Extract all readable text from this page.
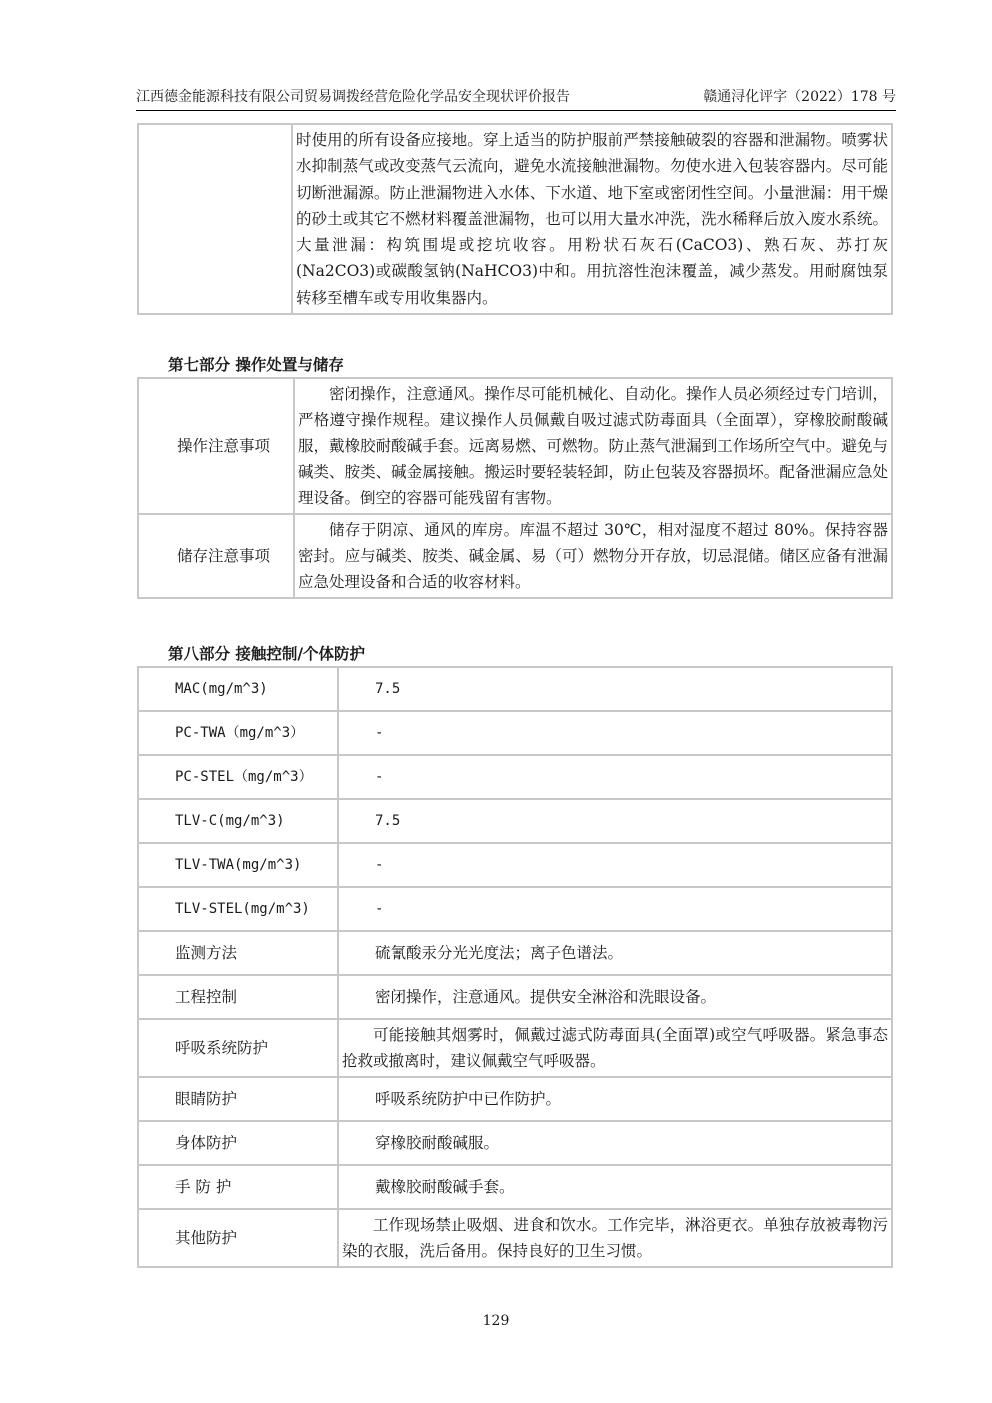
江西德金能源科技有限公司贸易调拨经营危险化学品安全现状评价报告	赣通浔化评字（2022）178 号
	时使用的所有设备应接地。穿上适当的防护服前严禁接触破裂的容器和泄漏物。喷雾状水抑制蒸气或改变蒸气云流向，避免水流接触泄漏物。勿使水进入包装容器内。尽可能切断泄漏源。防止泄漏物进入水体、下水道、地下室或密闭性空间。小量泄漏：用干燥的砂土或其它不燃材料覆盖泄漏物，也可以用大量水冲洗，洗水稀释后放入废水系统。大量泄漏：构筑围堤或挖坑收容。用粉状石灰石(CaCO3)、熟石灰、苏打灰(Na2CO3)或碳酸氢钠(NaHCO3)中和。用抗溶性泡沫覆盖，减少蒸发。用耐腐蚀泵转移至槽车或专用收集器内。
第七部分 操作处置与储存
操作注意事项	密闭操作，注意通风。操作尽可能机械化、自动化。操作人员必须经过专门培训，严格遵守操作规程。建议操作人员佩戴自吸过滤式防毒面具（全面罩），穿橡胶耐酸碱服，戴橡胶耐酸碱手套。远离易燃、可燃物。防止蒸气泄漏到工作场所空气中。避免与碱类、胺类、碱金属接触。搬运时要轻装轻卸，防止包装及容器损坏。配备泄漏应急处理设备。倒空的容器可能残留有害物。
储存注意事项	储存于阴凉、通风的库房。库温不超过 30℃，相对湿度不超过 80%。保持容器密封。应与碱类、胺类、碱金属、易（可）燃物分开存放，切忌混储。储区应备有泄漏应急处理设备和合适的收容材料。
第八部分 接触控制/个体防护
MAC(mg/m^3)	7.5
PC-TWA（mg/m^3）	-
PC-STEL（mg/m^3）	-
TLV-C(mg/m^3)	7.5
TLV-TWA(mg/m^3)	-
TLV-STEL(mg/m^3)	-
监测方法	硫氰酸汞分光光度法；离子色谱法。
工程控制	密闭操作，注意通风。提供安全淋浴和洗眼设备。
呼吸系统防护	可能接触其烟雾时，佩戴过滤式防毒面具(全面罩)或空气呼吸器。紧急事态抢救或撤离时，建议佩戴空气呼吸器。
眼睛防护	呼吸系统防护中已作防护。
身体防护	穿橡胶耐酸碱服。
手 防 护	戴橡胶耐酸碱手套。
其他防护	工作现场禁止吸烟、进食和饮水。工作完毕，淋浴更衣。单独存放被毒物污染的衣服，洗后备用。保持良好的卫生习惯。
129
